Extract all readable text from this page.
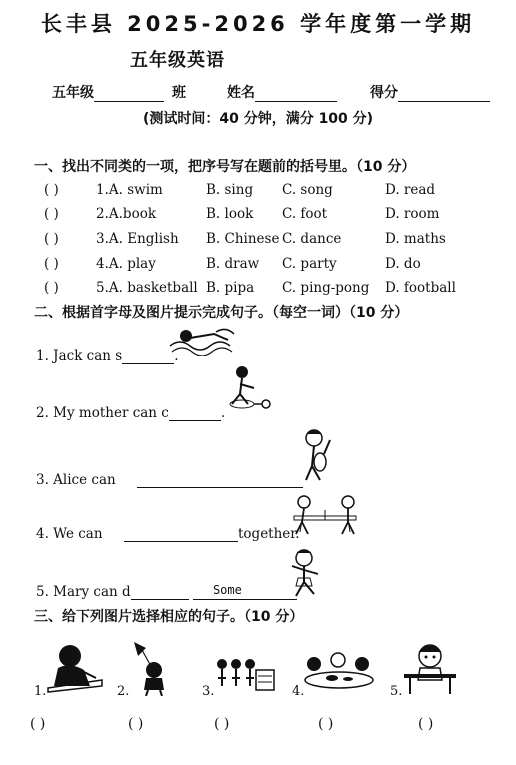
长丰县 2025-2026 学年度第一学期
五年级英语
五年级	班	姓名	得分
(测试时间：40 分钟，满分 100 分)
一、找出不同类的一项，把序号写在题前的括号里。（10 分）
( )	1.A. swim	B. sing C. song	D. read
( )	2.A.book	B. look C. foot	D. room
( )	3.A. English B. Chinese C. dance	D. maths
( )	4.A. play	B. draw C. party	D. do
( )	5.A. basketball B. pipa C. ping-pong D. football
二、根据首字母及图片提示完成句子。（每空一词）（10 分）
1. Jack can s	.
2. My mother can c	.
3. Alice can
4. We can	together.
5. Mary can d	Some
三、给下列图片选择相应的句子。（10 分）
1.	2.	3.	4.	5.
( )	( )	( )	( )	( )
